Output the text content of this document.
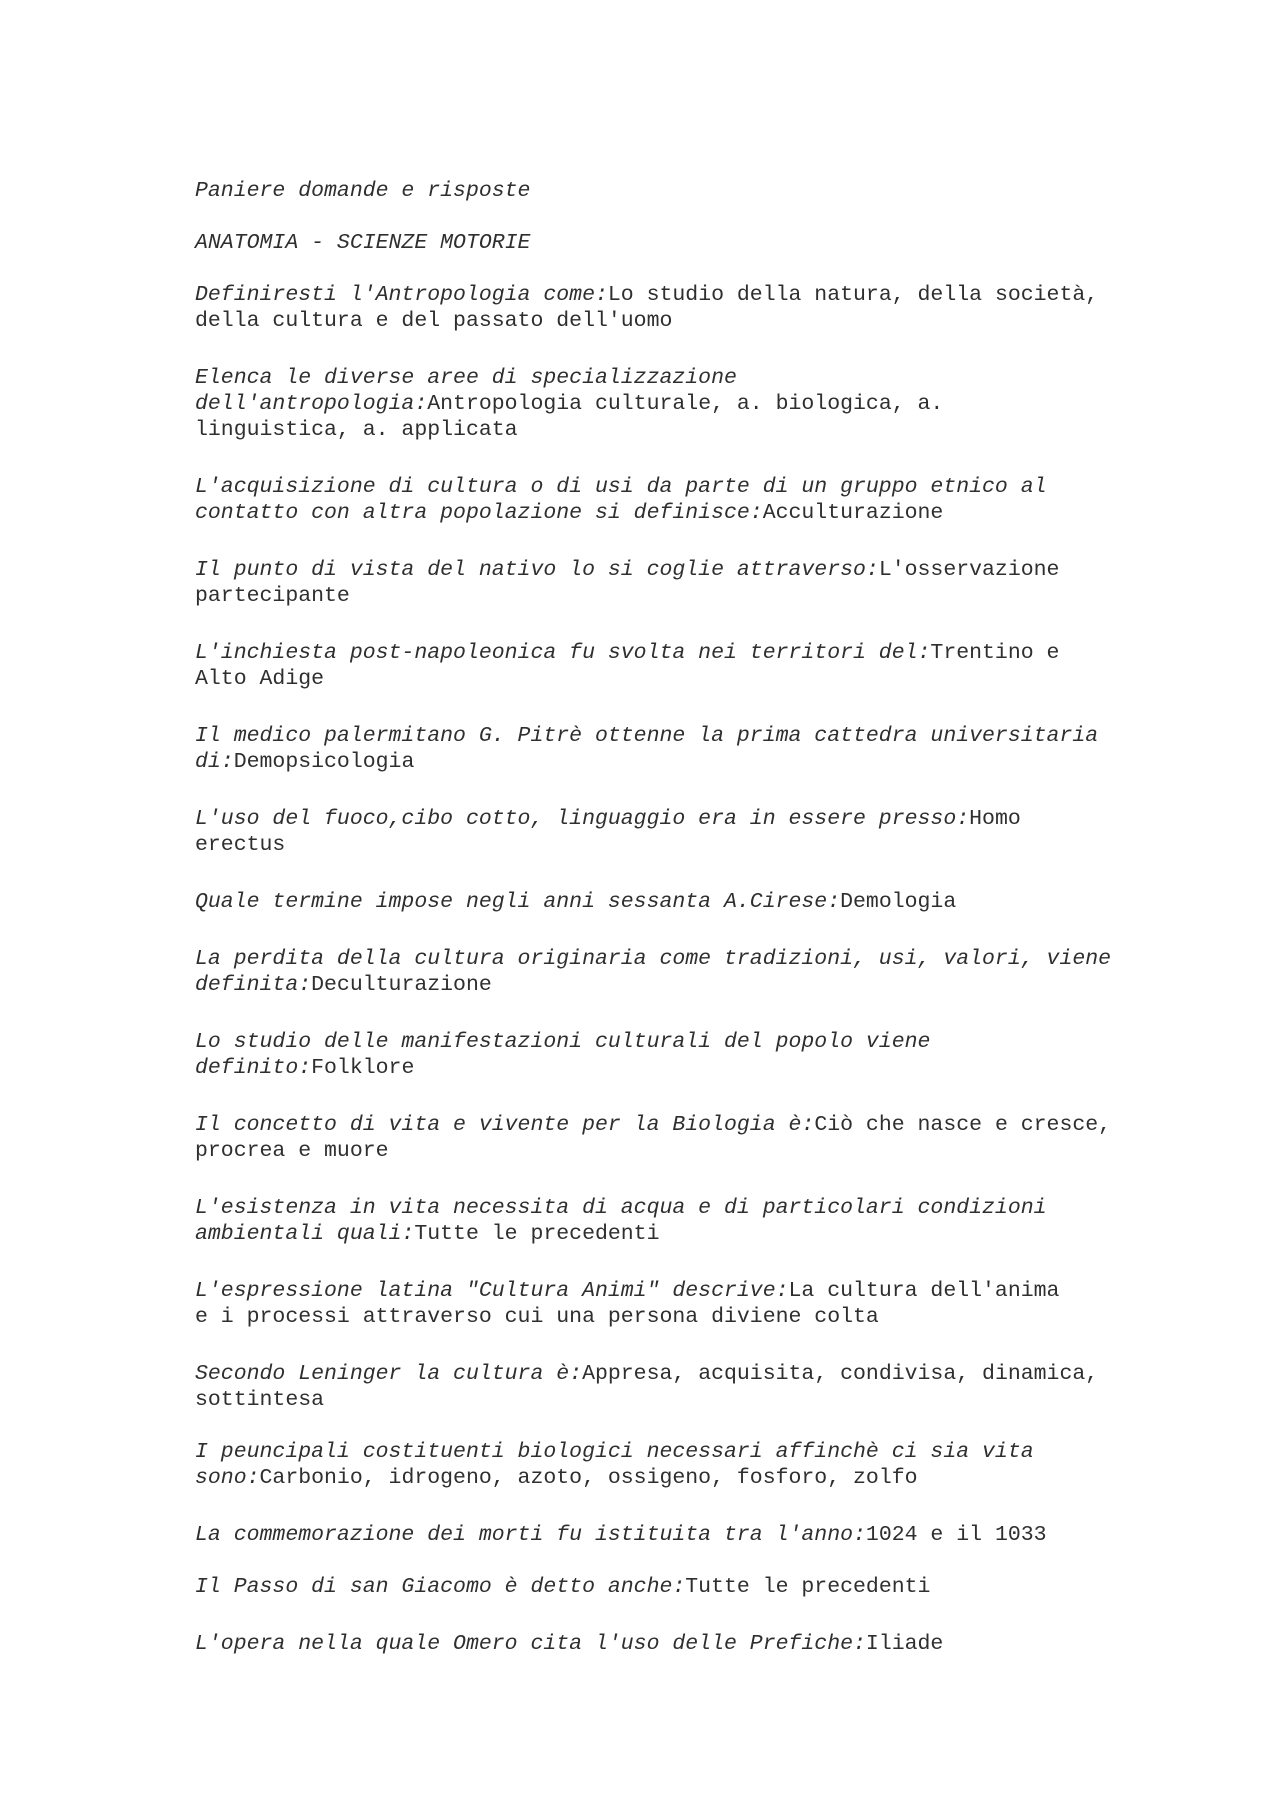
Paniere domande e risposte

ANATOMIA - SCIENZE MOTORIE

Definiresti l'Antropologia come:Lo studio della natura, della società,

della cultura e del passato dell'uomo

Elenca le diverse aree di specializzazione

dell'antropologia:Antropologia culturale, a. biologica, a.

linguistica, a. applicata

L'acquisizione di cultura o di usi da parte di un gruppo etnico al

contatto con altra popolazione si definisce:Acculturazione

Il punto di vista del nativo lo si coglie attraverso:L'osservazione

partecipante

L'inchiesta post-napoleonica fu svolta nei territori del:Trentino e

Alto Adige

Il medico palermitano G. Pitrè ottenne la prima cattedra universitaria

di:Demopsicologia

L'uso del fuoco,cibo cotto, linguaggio era in essere presso:Homo

erectus

Quale termine impose negli anni sessanta A.Cirese:Demologia

La perdita della cultura originaria come tradizioni, usi, valori, viene

definita:Deculturazione

Lo studio delle manifestazioni culturali del popolo viene

definito:Folklore

Il concetto di vita e vivente per la Biologia è:Ciò che nasce e cresce,

procrea e muore

L'esistenza in vita necessita di acqua e di particolari condizioni

ambientali quali:Tutte le precedenti

L'espressione latina "Cultura Animi" descrive:La cultura dell'anima

e i processi attraverso cui una persona diviene colta

Secondo Leninger la cultura è:Appresa, acquisita, condivisa, dinamica,

sottintesa

I peuncipali costituenti biologici necessari affinchè ci sia vita

sono:Carbonio, idrogeno, azoto, ossigeno, fosforo, zolfo

La commemorazione dei morti fu istituita tra l'anno:1024 e il 1033

Il Passo di san Giacomo è detto anche:Tutte le precedenti

L'opera nella quale Omero cita l'uso delle Prefiche:Iliade
